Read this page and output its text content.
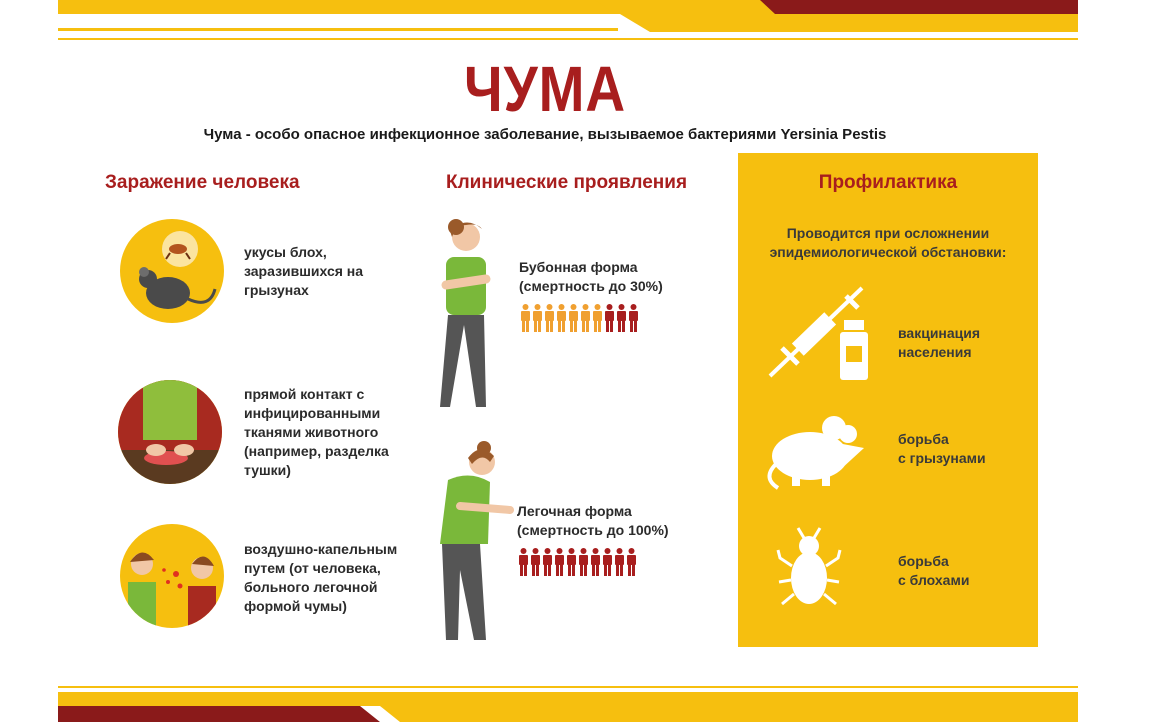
ЧУМА
Чума - особо опасное инфекционное заболевание, вызываемое бактериями Yersinia Pestis
Заражение человека
укусы блох,
заразившихся на
грызунах
прямой контакт с
инфицированными
тканями животного
(например, разделка
тушки)
воздушно-капельным
путем (от человека,
больного легочной
формой чумы)
Клинические проявления
Бубонная форма
(смертность до 30%)
Легочная форма
(смертность до 100%)
Профилактика
Проводится при осложнении
эпидемиологической обстановки:
вакцинация
населения
борьба
с грызунами
борьба
с блохами
